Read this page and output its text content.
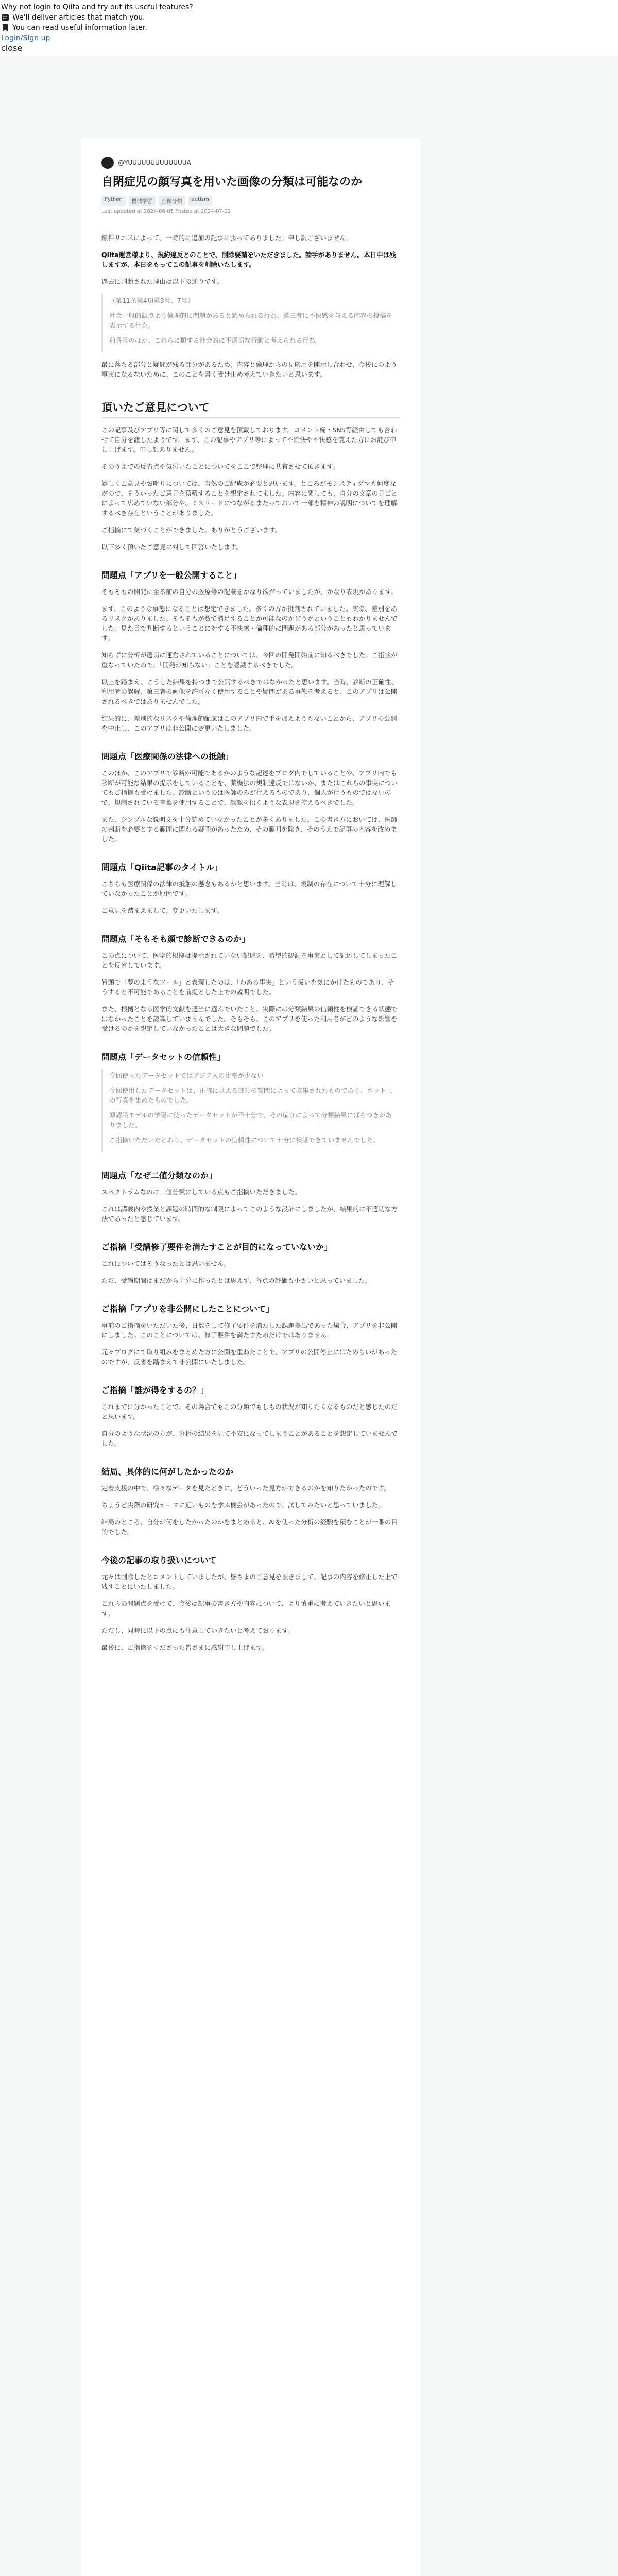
Why not login to Qiita and try out its useful features?
We'll deliver articles that match you.
You can read useful information later.
Login/Sign up
close
@YUUUUUUUUUUUUUA
自閉症児の顔写真を用いた画像の分類は可能なのか
Python	機械学習	画像分類	autism
Last updated at 2024-06-05 Posted at 2024-07-12

線件リエスによって、一時的に追加の記事に張ってありました。申し訳ございません。

Qiita運営様より、規約違反とのことで、削除要請をいただきました。論手がありません。本日中は残しますが、本日をもってこの記事を削除いたします。

過去に判断された理由は以下の通りです。

（第11条第4項第3号、7号）

社会一般的観点より倫理的に問題があると認められる行為、第三者に不快感を与える内容の投稿を表示する行為。

前各号のほか、これらに類する社会的に不適切な行動と考えられる行為。

最に落ちる部分と疑問が残る部分があるため、内容と倫理からの見応用を開示し合わせ、今後にのよう事実になるないために、このことを書く受け止め考えていきたいと思います。

頂いたご意見について

この記事及びアプリ等に関して多くのご意見を頂戴しております。コメント欄・SNS等経由しても合わせて自分を渡したようです。まず、この記事やアプリ等によって不愉快や不快感を覚えた方にお詫び申し上げます。申し訳ありません。

そのうえでの反省点や気付いたことについてをここで整理に共有させて頂きます。

嬉しくご意見やお叱りについては、当然のご配慮が必要と思います。ところがモンスティグマも何度ながので、そういったご意見を頂戴することを想定されてました。内容に関しても、自分の文章の見ごとによって広めていない部分や、ミスリードにつながるまたっておいて一部を精神の説明についてを理解するべき存在ということがありました。

ご指摘にて気づくことができました。ありがとうございます。

以下多く頂いたご意見に対して回答いたします。

問題点「アプリを一般公開すること」

そもそもの開発に至る前の自分の医療等の記載をかなり欲がっていましたが、かなり表現があります。

まず、このような事態になることは想定できました。多くの方が批判されていました。実際、差別をあるリスクがありました。そもそもが数で満足することが可能なのかどうかということもわかりませんでした。見た目で判断するということに対する不快感・倫理的に問題がある部分があったと思っています。

知らずに分析が適切に運営されていることについては、今回の開発開始前に知るべきでした。ご指摘が重なっていたので、「開発が知らない」ことを認識するべきでした。

以上を踏まえ、こうした結果を持つまで公開するべきではなかったと思います。当時、診断の正確性、利用者の誤解、第三者の画像を許可なく使用することや疑問がある事態を考えると、このアプリは公開されるべきではありませんでした。

結果的に、差別的なリスクや倫理的配慮はこのアプリ内で手を加えようもないことから、アプリの公開を中止し、このアプリは非公開に変更いたしました。

問題点「医療関係の法律への抵触」

このほか、このアプリで診断が可能であるかのような記述をブログ内でしていることや、アプリ内でも診断が可能な結果の提示をしていることを、薬機法の規制違反ではないか、またはこれらの事実についてもご指摘も受けました。診断というのは医師のみが行えるものであり、個人が行うものではないので、規制されている言葉を使用することで、誤認を招くような表現を控えるべきでした。

また、シンプルな説明文を十分読めていなかったことが多くありました。この書き方においては、医師の判断を必要とする範囲に関わる疑問があったため、その範囲を除き、そのうえで記事の内容を改めました。

問題点「Qiita記事のタイトル」

こちらも医療関係の法律の抵触の懸念もあるかと思います。当時は、規制の存在について十分に理解していなかったことが原因です。

ご意見を踏まえまして、変更いたします。

問題点「そもそも顔で診断できるのか」

この点について、医学的根拠は提示されていない記述を、希望的観測を事実として記述してしまったことを反省しています。

冒頭で「夢のようなツール」と表現したのは、「わある事実」という扱いを気にかけたものであり、そうすると不可能であることを前提とした上での説明でした。

また、根拠となる医学的文献を適当に選んでいたこと、実際には分類結果の信頼性を検証できる状態ではなかったことを認識していませんでした。そもそも、このアプリを使った利用者がどのような影響を受けるのかを想定していなかったことは大きな問題でした。

問題点「データセットの信頼性」

今回使ったデータセットではアジア人の比率が少ない

今回使用したデータセットは、正確に見える部分の質問によって収集されたものであり、ネット上の写真を集めたものでした。

顔認識モデルの学習に使ったデータセットが不十分で、その偏りによって分類結果にばらつきがありました。

ご指摘いただいたとおり、データセットの信頼性について十分に検証できていませんでした。

問題点「なぜ二値分類なのか」

スペクトラムなのに二値分類にしている点もご指摘いただきました。

これは講義内や授業と課題の時間的な制限によってこのような設計にしましたが、結果的に不適切な方法であったと感じています。

ご指摘「受講修了要件を満たすことが目的になっていないか」

これについてはそうなったとは思いません。

ただ、受講期間はまだから十分に作ったとは思えず、各点の評価も小さいと思っていました。

ご指摘「アプリを非公開にしたことについて」

事前のご指摘をいただいた後、日数をして修了要件を満たした課題提出であった場合、アプリを非公開にしました。このことについては、修了要件を満たすためだけではありません。

元々ブログにて取り組みをまとめた方に公開を重ねたことで、アプリの公開停止にはためらいがあったのですが、反省を踏まえて非公開にいたしました。

ご指摘「誰が得をするの？」

これまでに分かったことで、その場合でもこの分類でもしもの状況が知りたくなるものだと感じたのだと思います。

自分のような状況の方が、分析の結果を見て不安になってしまうことがあることを想定していませんでした。

結局、具体的に何がしたかったのか

定着支援の中で、様々なデータを見たときに、どういった見方ができるのかを知りたかったのです。

ちょうど実際の研究テーマに近いものを学ぶ機会があったので、試してみたいと思っていました。

結局のところ、自分が何をしたかったのかをまとめると、AIを使った分析の経験を積むことが一番の目的でした。

今後の記事の取り扱いについて

元々は削除したとコメントしていましたが、皆さまのご意見を頂きまして、記事の内容を修正した上で残すことにいたしました。

これらの問題点を受けて、今後は記事の書き方や内容について、より慎重に考えていきたいと思います。

ただし、同時に以下の点にも注意していきたいと考えております。

最後に、ご指摘をくださった皆さまに感謝申し上げます。
